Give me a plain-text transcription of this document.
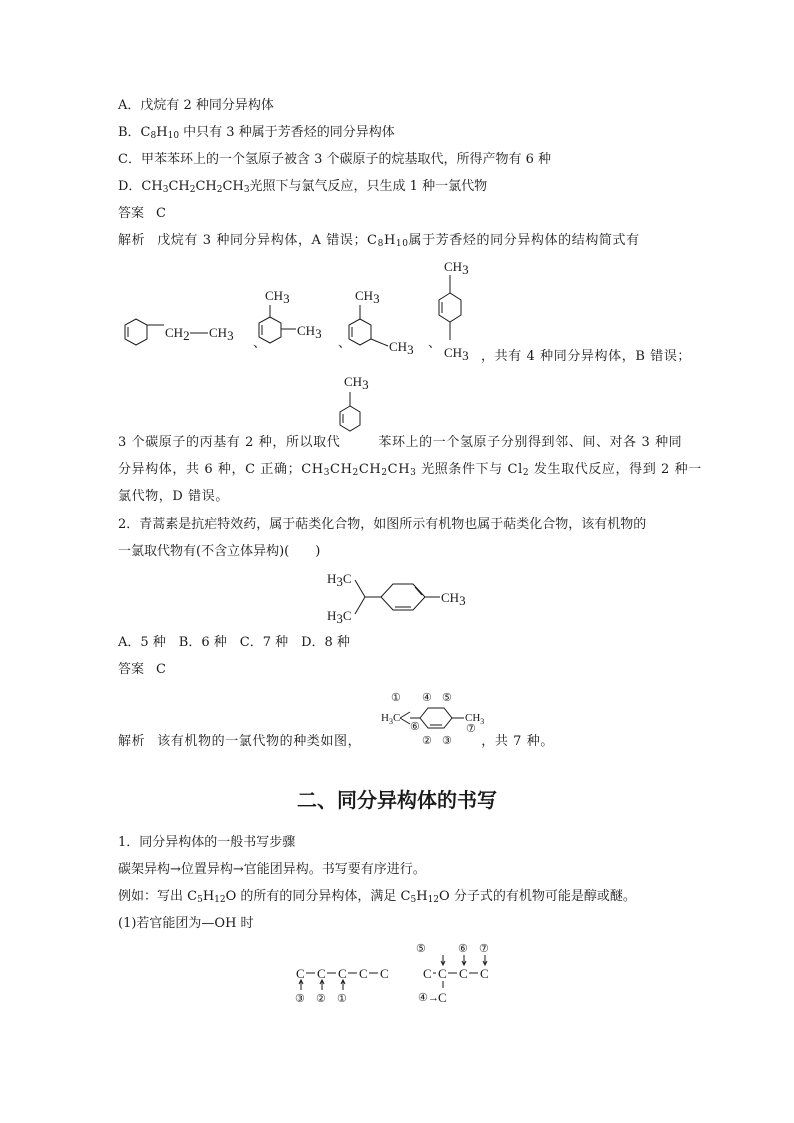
A．戊烷有 2 种同分异构体
B．$C_8H_{10}$ 中只有 3 种属于芳香烃的同分异构体
C．甲苯苯环上的一个氢原子被含 3 个碳原子的烷基取代，所得产物有 6 种
D．$CH_3CH_2CH_2CH_3$光照下与氯气反应，只生成 1 种一氯代物
答案 C
解析 戊烷有 3 种同分异构体，A 错误；$C_8H_{10}$属于芳香烃的同分异构体的结构简式有
CH2 CH3 、
CH3
CH3
、
CH3
CH3 、
CH3
CH3 ，共有 4 种同分异构体，B 错误；
CH3
3 个碳原子的丙基有 2 种，所以取代	苯环上的一个氢原子分别得到邻、间、对各 3 种同
分异构体，共 6 种，C 正确；$CH_3CH_2CH_2CH_3$ 光照条件下与 $Cl_2$ 发生取代反应，得到 2 种一
氯代物，D 错误。
2．青蒿素是抗疟特效药，属于萜类化合物，如图所示有机物也属于萜类化合物，该有机物的
一氯取代物有(不含立体异构)(　　)
H3C
H3C
CH3
A．5 种　B．6 种　C．7 种　D．8 种
答案 C
① ④ ⑤
$H_3C$	$CH_3$
⑥	⑦
② ③
解析 该有机物的一氯代物的种类如图，	，共 7 种。
二、同分异构体的书写
1．同分异构体的一般书写步骤
碳架异构→位置异构→官能团异构。书写要有序进行。
例如：写出 $C_5H_{12}O$ 的所有的同分异构体，满足 $C_5H_{12}O$ 分子式的有机物可能是醇或醚。
(1)若官能团为—OH 时
C C C C C
③ ② ①
⑤	⑥ ⑦
C C C C
④ → C
